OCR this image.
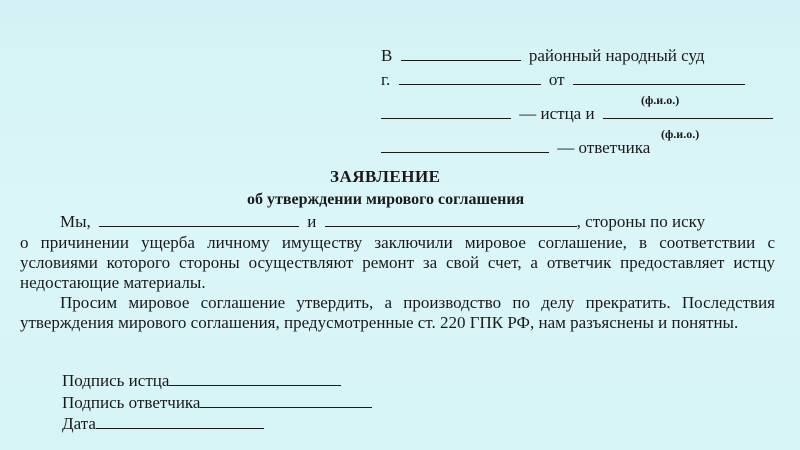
В	районный народный суд
г.	от
(ф.и.о.)
— истца и
(ф.и.о.)
— ответчика
ЗАЯВЛЕНИЕ
об утверждении мирового соглашения
Мы,	и	, стороны по иску
о причинении ущерба личному имуществу заключили мировое соглашение, в соответствии с условиями которого стороны осуществляют ремонт за свой счет, а ответчик предоставляет истцу недостающие материалы.
Просим мировое соглашение утвердить, а производство по делу прекратить. Последствия утверждения мирового соглашения, предусмотренные ст. 220 ГПК РФ, нам разъяснены и понятны.
Подпись истца
Подпись ответчика
Дата
